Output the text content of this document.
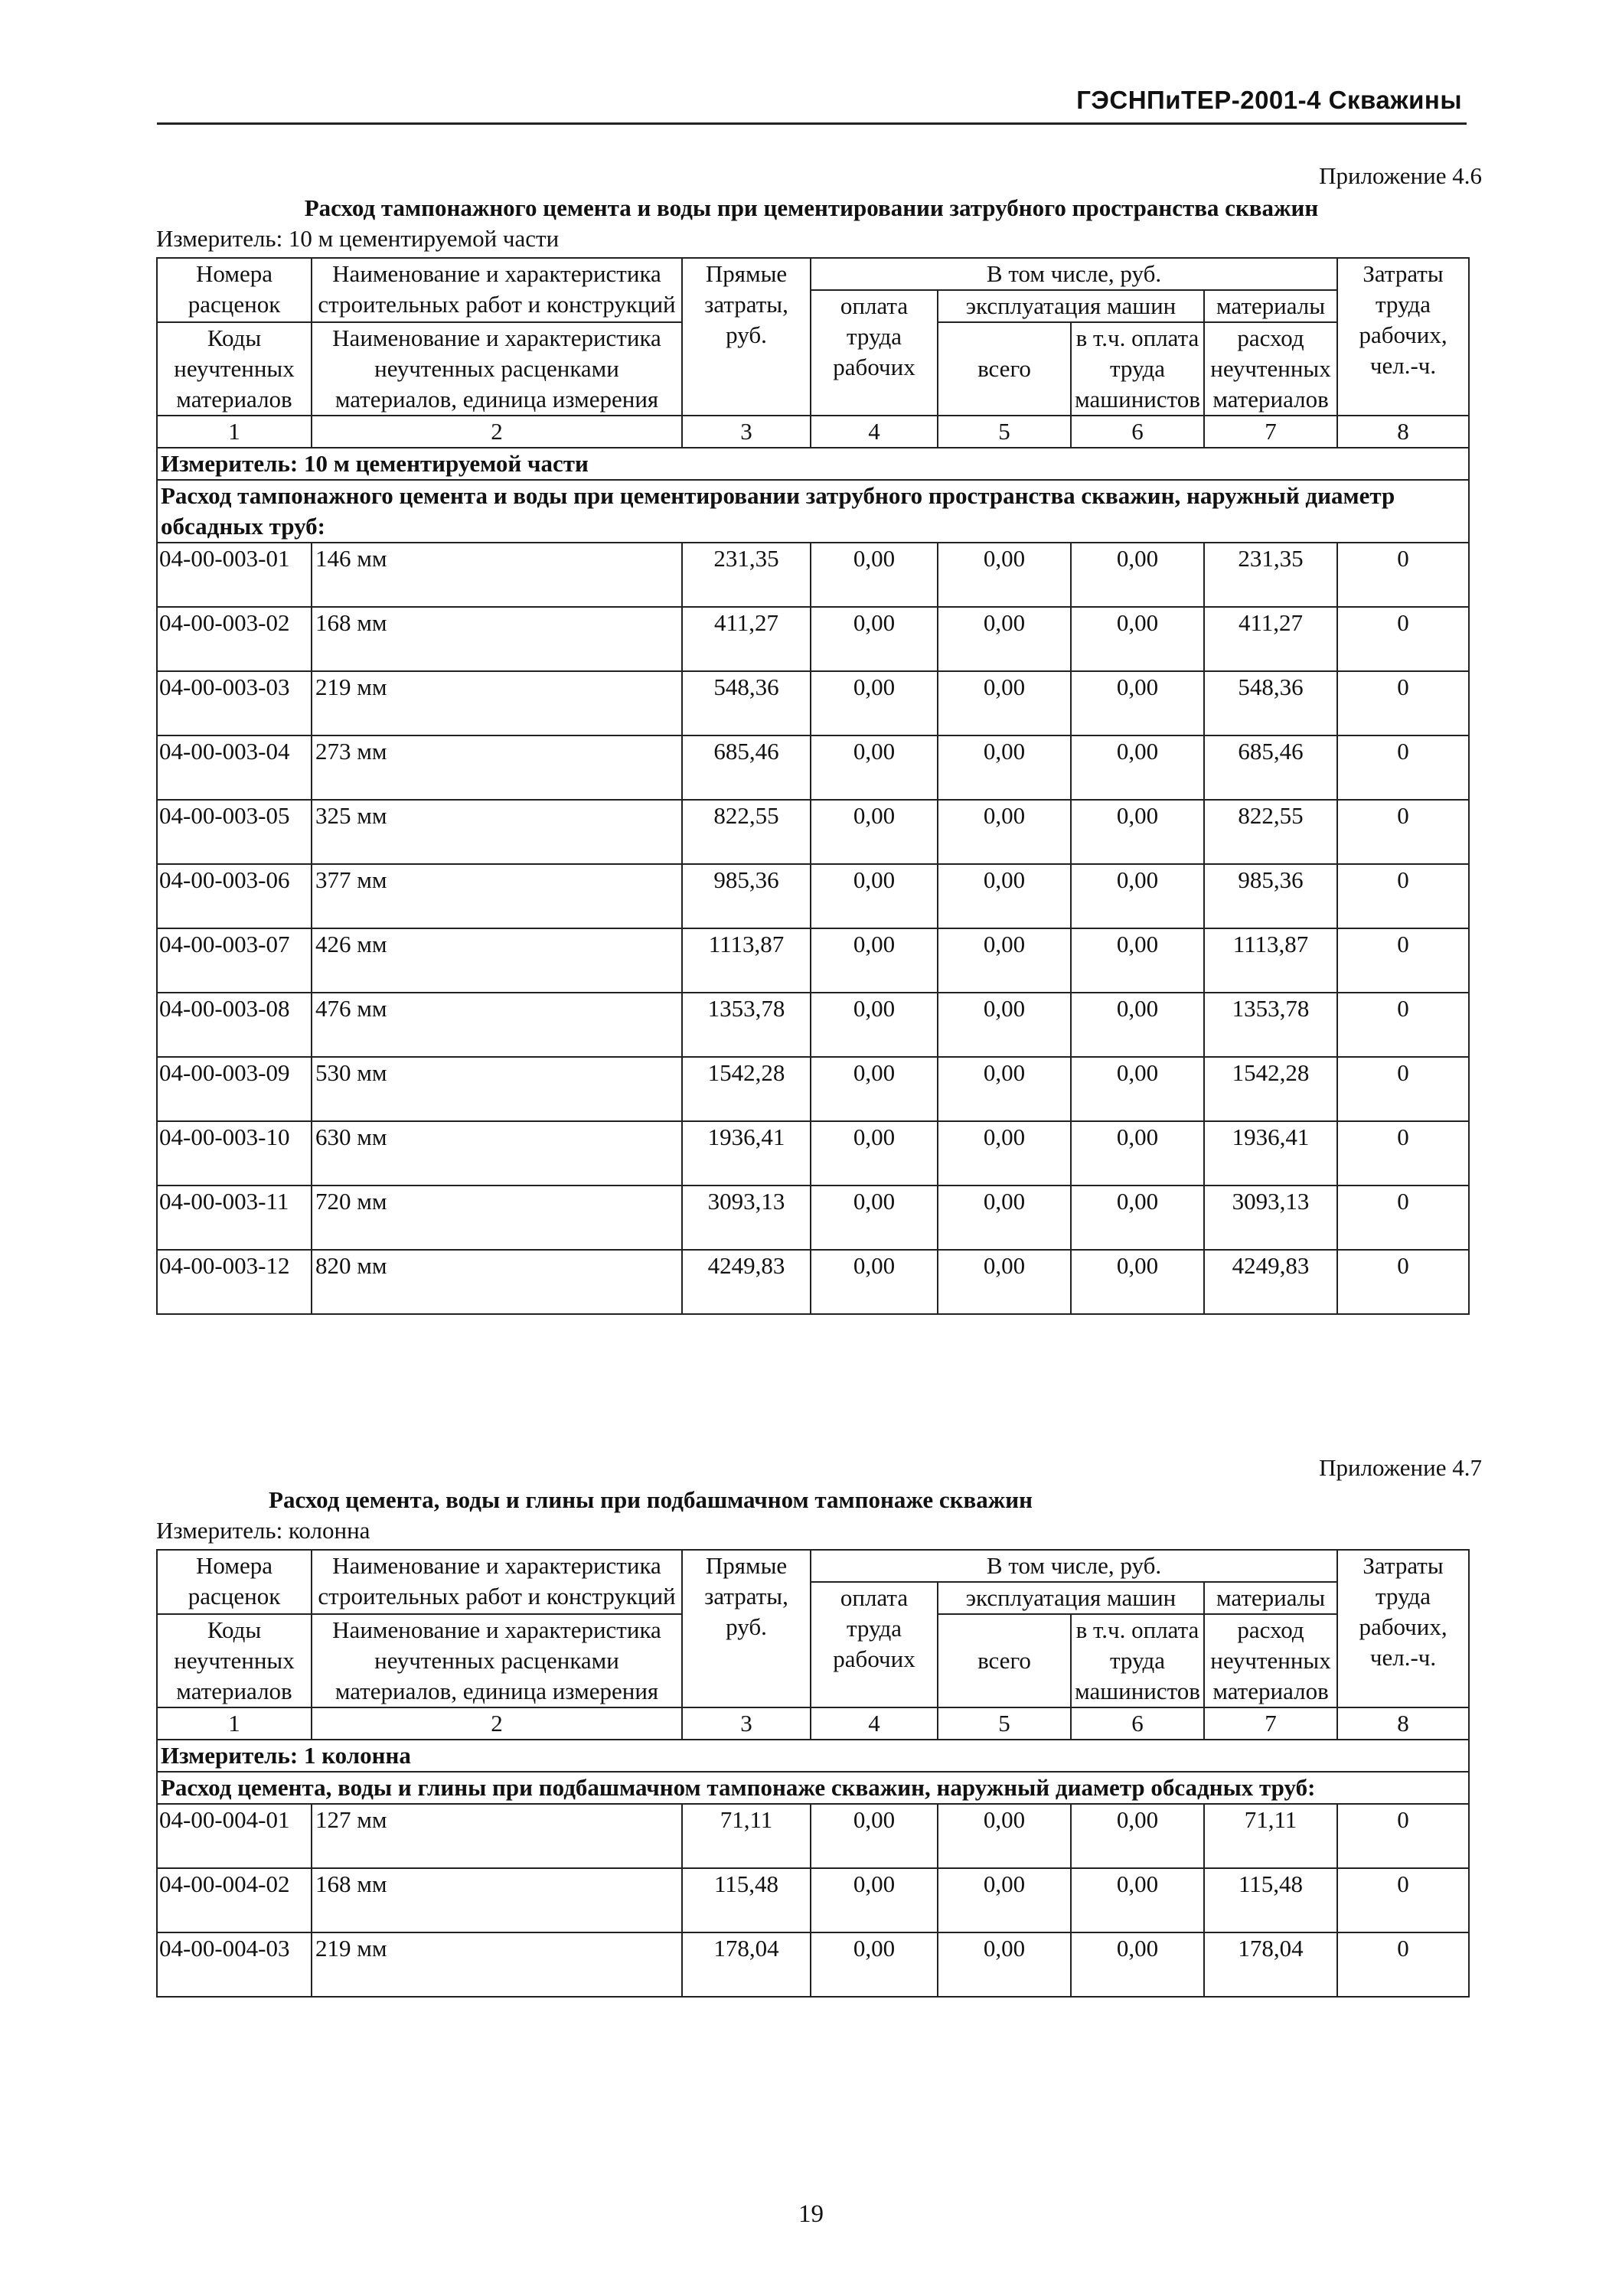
ГЭСНПиТЕР-2001-4 Скважины
Приложение 4.6
Расход тампонажного цемента и воды при цементировании затрубного пространства скважин
Измеритель: 10 м цементируемой части
Номера расценок	Наименование и характеристика строительных работ и конструкций	Прямые затраты, руб.	В том числе, руб.				Затраты труда рабочих, чел.-ч.
			оплата труда рабочих	эксплуатация машин		материалы	
Коды неучтенных материалов	Наименование и характеристика неучтенных расценками материалов, единица измерения			всего	в т.ч. оплата труда машинистов	расход неучтенных материалов	

1	2	3	4	5	6	7	8
Измеритель: 10 м цементируемой части							
Расход тампонажного цемента и воды при цементировании затрубного пространства скважин, наружный диаметр обсадных труб:							
04-00-003-01	146 мм	231,35	0,00	0,00	0,00	231,35	0
04-00-003-02	168 мм	411,27	0,00	0,00	0,00	411,27	0
04-00-003-03	219 мм	548,36	0,00	0,00	0,00	548,36	0
04-00-003-04	273 мм	685,46	0,00	0,00	0,00	685,46	0
04-00-003-05	325 мм	822,55	0,00	0,00	0,00	822,55	0
04-00-003-06	377 мм	985,36	0,00	0,00	0,00	985,36	0
04-00-003-07	426 мм	1113,87	0,00	0,00	0,00	1113,87	0
04-00-003-08	476 мм	1353,78	0,00	0,00	0,00	1353,78	0
04-00-003-09	530 мм	1542,28	0,00	0,00	0,00	1542,28	0
04-00-003-10	630 мм	1936,41	0,00	0,00	0,00	1936,41	0
04-00-003-11	720 мм	3093,13	0,00	0,00	0,00	3093,13	0
04-00-003-12	820 мм	4249,83	0,00	0,00	0,00	4249,83	0
Приложение 4.7
Расход цемента, воды и глины при подбашмачном тампонаже скважин
Измеритель: колонна
Номера расценок	Наименование и характеристика строительных работ и конструкций	Прямые затраты, руб.	В том числе, руб.				Затраты труда рабочих, чел.-ч.
			оплата труда рабочих	эксплуатация машин		материалы	
Коды неучтенных материалов	Наименование и характеристика неучтенных расценками материалов, единица измерения			всего	в т.ч. оплата труда машинистов	расход неучтенных материалов	

1	2	3	4	5	6	7	8
Измеритель: 1 колонна							
Расход цемента, воды и глины при подбашмачном тампонаже скважин, наружный диаметр обсадных труб:							
04-00-004-01	127 мм	71,11	0,00	0,00	0,00	71,11	0
04-00-004-02	168 мм	115,48	0,00	0,00	0,00	115,48	0
04-00-004-03	219 мм	178,04	0,00	0,00	0,00	178,04	0
19
